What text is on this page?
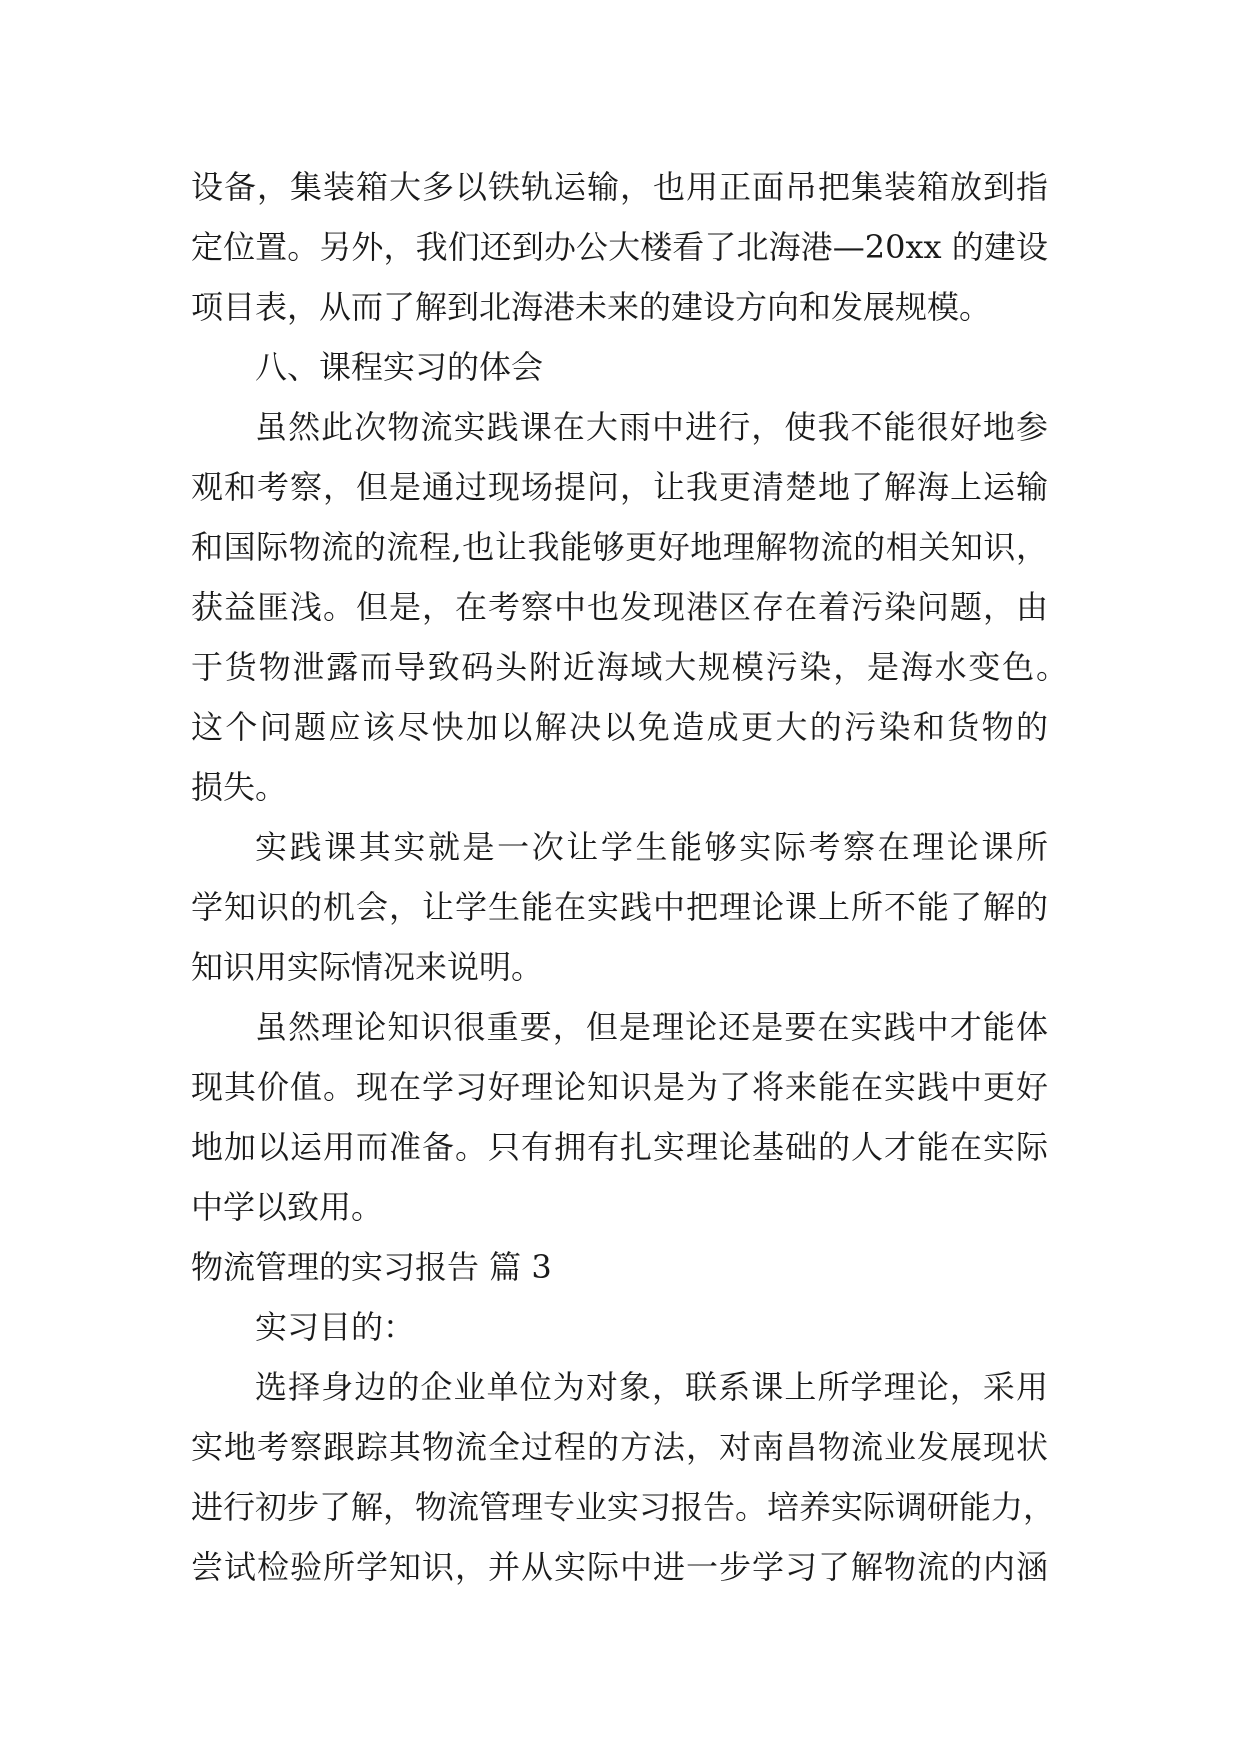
设备，集装箱大多以铁轨运输，也用正面吊把集装箱放到指
定位置。另外，我们还到办公大楼看了北海港—20xx 的建设
项目表，从而了解到北海港未来的建设方向和发展规模。
八、课程实习的体会
虽然此次物流实践课在大雨中进行，使我不能很好地参
观和考察，但是通过现场提问，让我更清楚地了解海上运输
和国际物流的流程,也让我能够更好地理解物流的相关知识，
获益匪浅。但是，在考察中也发现港区存在着污染问题，由
于货物泄露而导致码头附近海域大规模污染，是海水变色。
这个问题应该尽快加以解决以免造成更大的污染和货物的
损失。
实践课其实就是一次让学生能够实际考察在理论课所
学知识的机会，让学生能在实践中把理论课上所不能了解的
知识用实际情况来说明。
虽然理论知识很重要，但是理论还是要在实践中才能体
现其价值。现在学习好理论知识是为了将来能在实践中更好
地加以运用而准备。只有拥有扎实理论基础的人才能在实际
中学以致用。
物流管理的实习报告 篇 3
实习目的：
选择身边的企业单位为对象，联系课上所学理论，采用
实地考察跟踪其物流全过程的方法，对南昌物流业发展现状
进行初步了解，物流管理专业实习报告。培养实际调研能力，
尝试检验所学知识，并从实际中进一步学习了解物流的内涵
